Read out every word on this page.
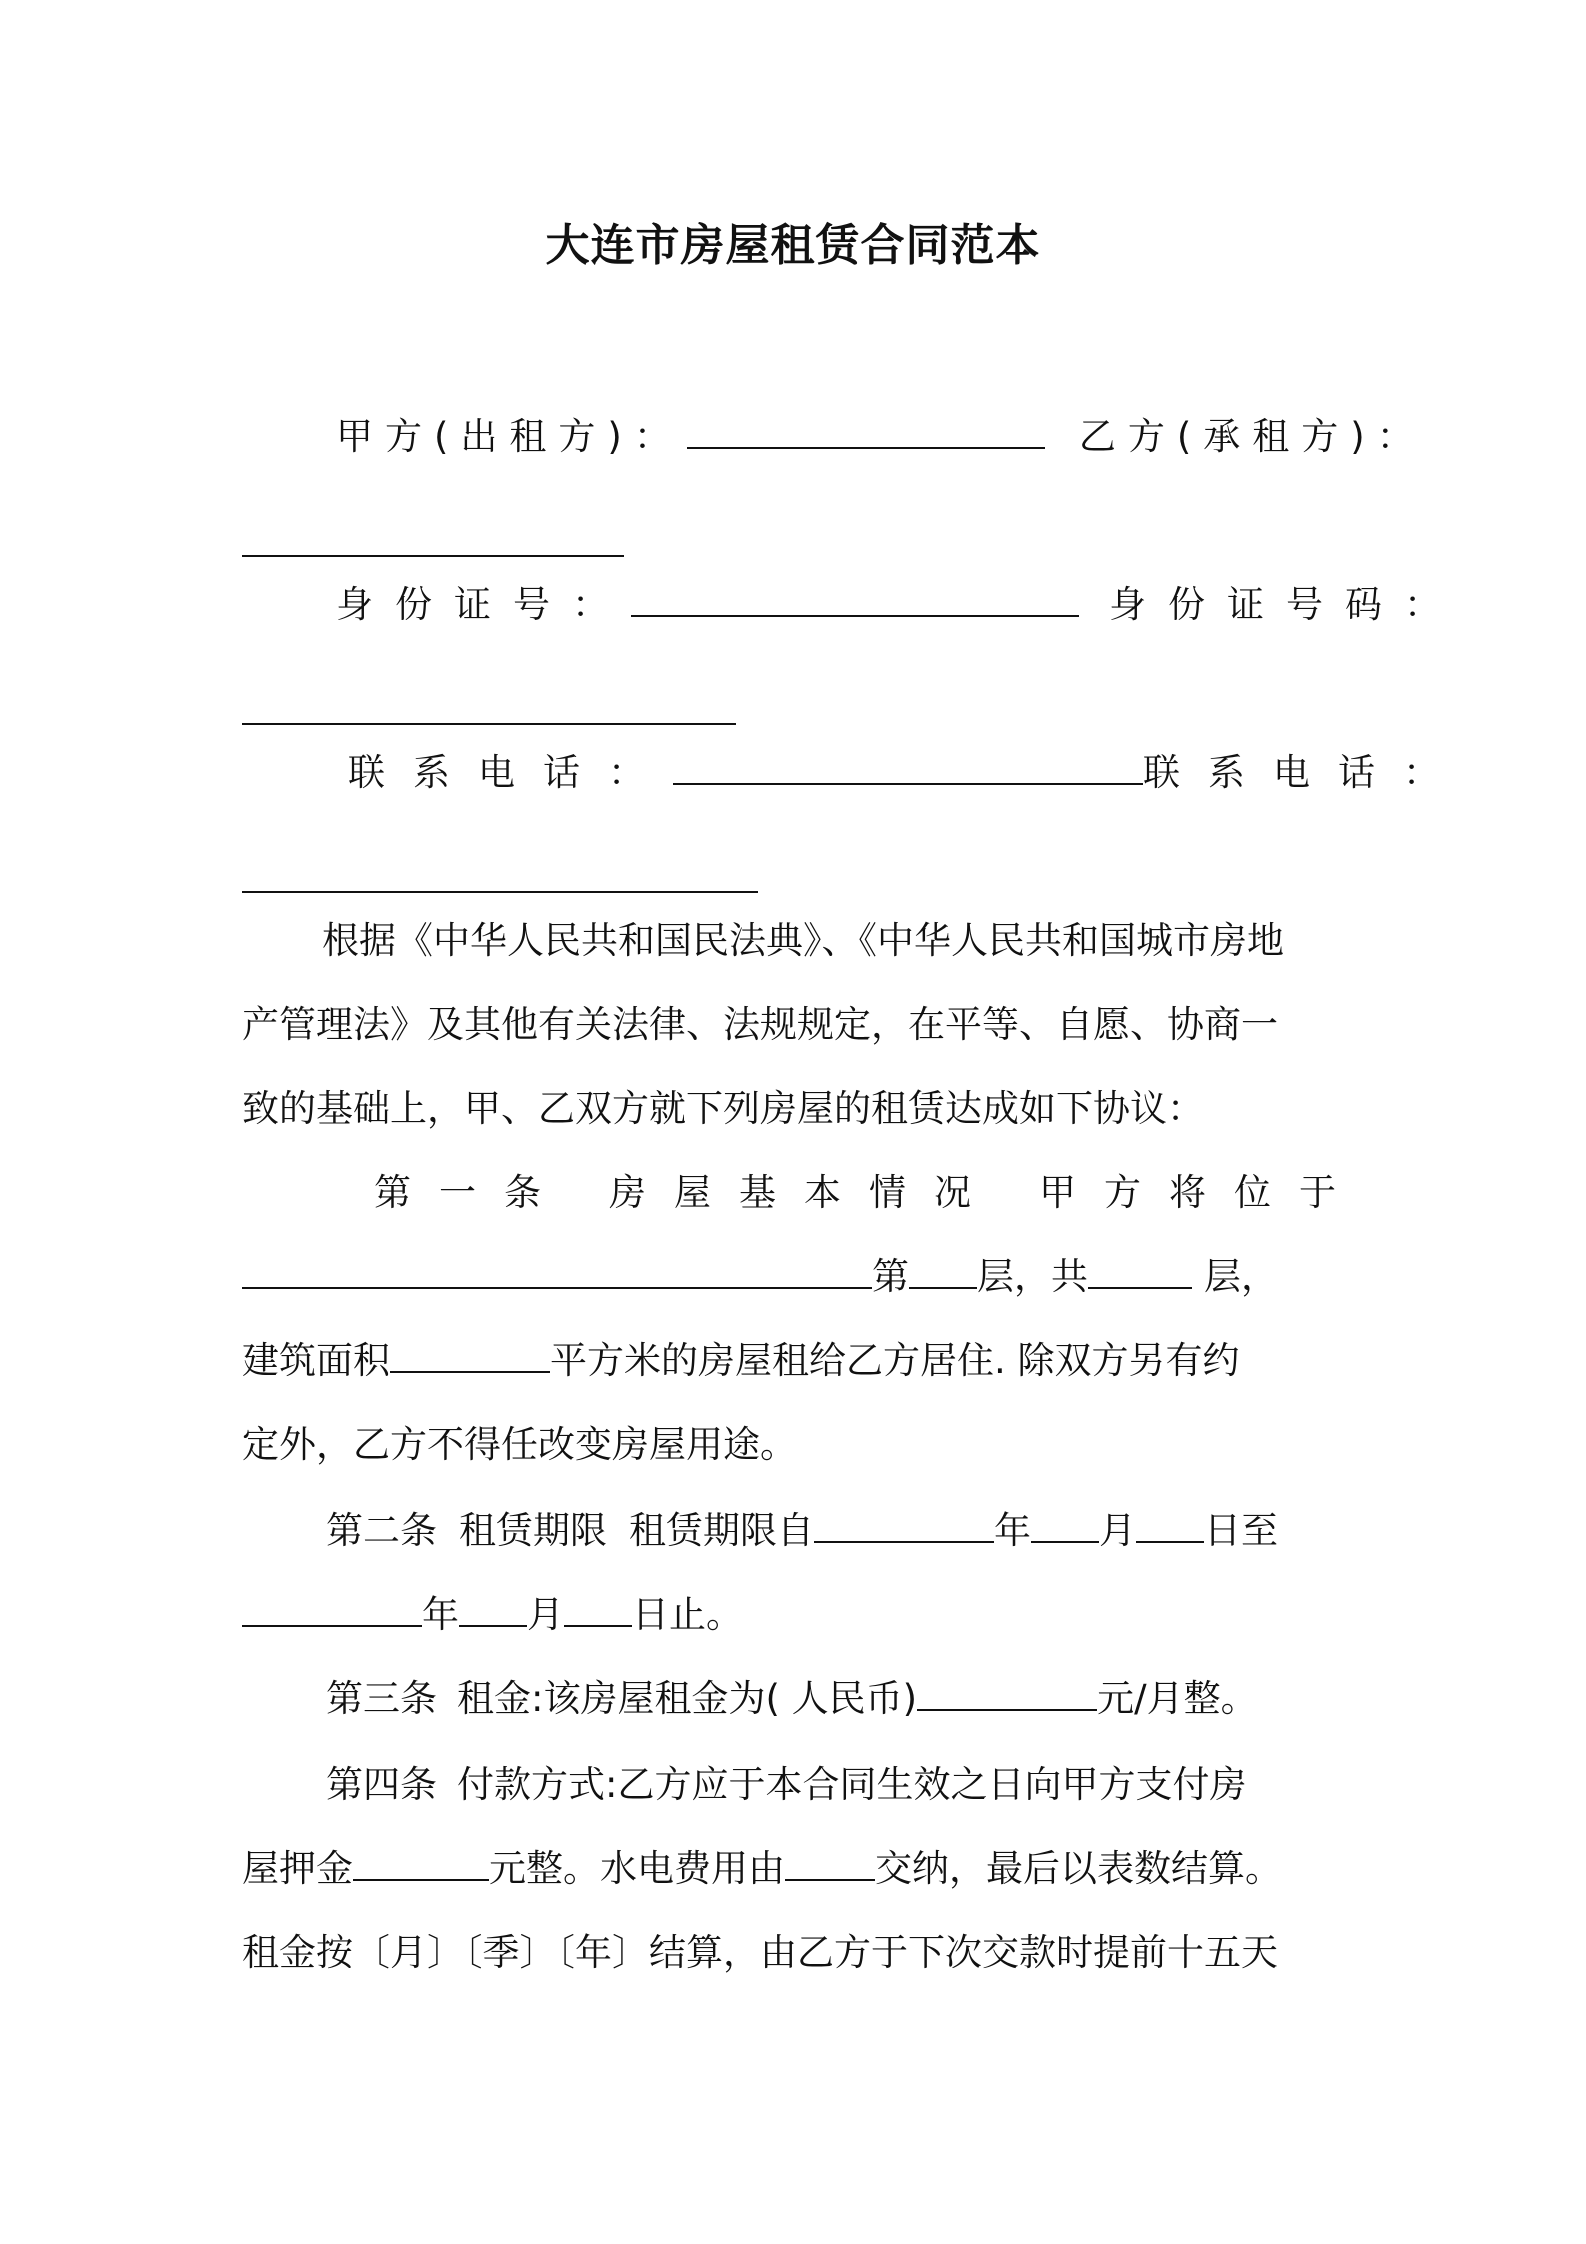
大连市房屋租赁合同范本
甲方(出租方)：	乙方(承租方)：
身份证号：	身份证号码：
联系电话：	联系电话：
根据《中华人民共和国民法典》、《中华人民共和国城市房地
产管理法》及其他有关法律、法规规定，在平等、自愿、协商一
致的基础上，甲、乙双方就下列房屋的租赁达成如下协议：
第一条 房屋基本情况 甲方将位于
第 层，共	层，
建筑面积	平方米的房屋租给乙方居住. 除双方另有约
定外，乙方不得任改变房屋用途。
第二条 租赁期限 租赁期限自	年 月 日至
年 月 日止。
第三条 租金:该房屋租金为( 人民币)	元/月整。
第四条 付款方式:乙方应于本合同生效之日向甲方支付房
屋押金	元整。水电费用由 交纳，最后以表数结算。
租金按〔月〕〔季〕〔年〕结算，由乙方于下次交款时提前十五天
